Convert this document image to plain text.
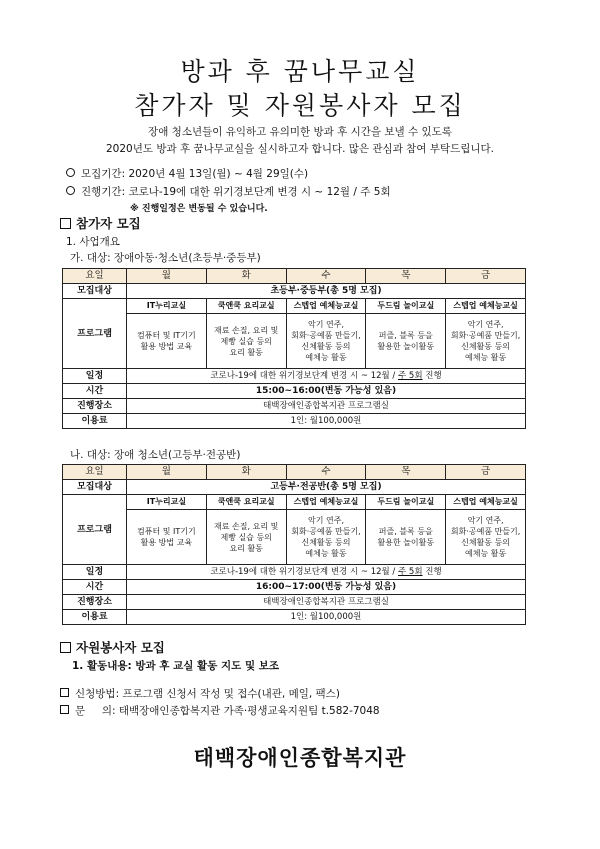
방과 후 꿈나무교실
참가자 및 자원봉사자 모집
장애 청소년들이 유익하고 유의미한 방과 후 시간을 보낼 수 있도록
2020년도 방과 후 꿈나무교실을 실시하고자 합니다. 많은 관심과 참여 부탁드립니다.
모집기간: 2020년 4월 13일(월) ~ 4월 29일(수)
진행기간: 코로나-19에 대한 위기경보단계 변경 시 ~ 12월 / 주 5회
※ 진행일정은 변동될 수 있습니다.
참가자 모집
1. 사업개요
가. 대상: 장애아동·청소년(초등부·중등부)
요일	월	화	수	목	금
모집대상	초등부·중등부(총 5명 모집)				
프로그램	IT누리교실	쿡앤쿡 요리교실	스텝업 예체능교실	두드림 놀이교실	스텝업 예체능교실
	컴퓨터 및 IT기기
활용 방법 교육	재료 손질, 요리 및
제빵 실습 등의
요리 활동	악기 연주,
회화·공예품 만들기,
신체활동 등의
예체능 활동	퍼즐, 블록 등을
활용한 놀이활동	악기 연주,
회화·공예품 만들기,
신체활동 등의
예체능 활동
일정	코로나-19에 대한 위기경보단계 변경 시 ~ 12월 / 주 5회 진행				
시간	15:00~16:00(변동 가능성 있음)				
진행장소	태백장애인종합복지관 프로그램실				
이용료	1인: 월100,000원				
나. 대상: 장애 청소년(고등부·전공반)
요일	월	화	수	목	금
모집대상	고등부·전공반(총 5명 모집)				
프로그램	IT누리교실	쿡앤쿡 요리교실	스텝업 예체능교실	두드림 놀이교실	스텝업 예체능교실
	컴퓨터 및 IT기기
활용 방법 교육	재료 손질, 요리 및
제빵 실습 등의
요리 활동	악기 연주,
회화·공예품 만들기,
신체활동 등의
예체능 활동	퍼즐, 블록 등을
활용한 놀이활동	악기 연주,
회화·공예품 만들기,
신체활동 등의
예체능 활동
일정	코로나-19에 대한 위기경보단계 변경 시 ~ 12월 / 주 5회 진행				
시간	16:00~17:00(변동 가능성 있음)				
진행장소	태백장애인종합복지관 프로그램실				
이용료	1인: 월100,000원				
자원봉사자 모집
1. 활동내용: 방과 후 교실 활동 지도 및 보조
신청방법: 프로그램 신청서 작성 및 접수(내관, 메일, 팩스)
문     의: 태백장애인종합복지관 가족·평생교육지원팀 t.582-7048
태백장애인종합복지관
